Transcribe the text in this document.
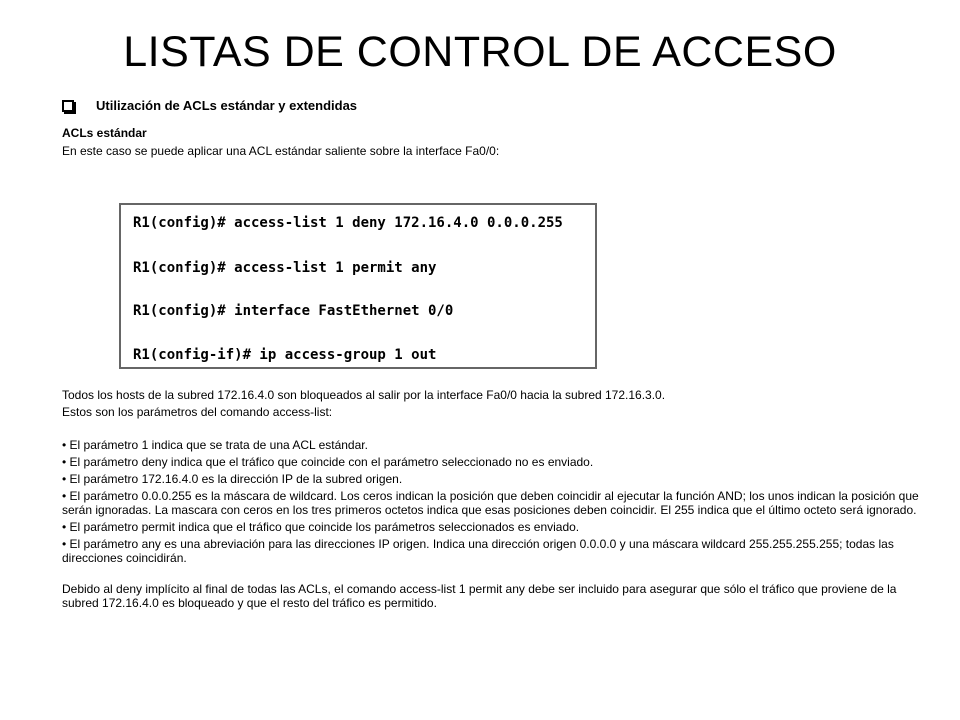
LISTAS DE CONTROL DE ACCESO
Utilización de ACLs estándar y extendidas
ACLs estándar
En este caso se puede aplicar una ACL estándar saliente sobre la interface Fa0/0:
R1(config)# access-list 1 deny 172.16.4.0 0.0.0.255
R1(config)# access-list 1 permit any
R1(config)# interface FastEthernet 0/0
R1(config-if)# ip access-group 1 out

Todos los hosts de la subred 172.16.4.0 son bloqueados al salir por la interface Fa0/0 hacia la subred 172.16.3.0.

Estos son los parámetros del comando access-list:

• El parámetro 1 indica que se trata de una ACL estándar.

• El parámetro deny indica que el tráfico que coincide con el parámetro seleccionado no es enviado.

• El parámetro 172.16.4.0 es la dirección IP de la subred origen.

• El parámetro 0.0.0.255 es la máscara de wildcard. Los ceros indican la posición que deben coincidir al ejecutar la función AND; los unos indican la posición que serán ignoradas. La mascara con ceros en los tres primeros octetos indica que esas posiciones deben coincidir. El 255 indica que el último octeto será ignorado.

• El parámetro permit indica que el tráfico que coincide los parámetros seleccionados es enviado.

• El parámetro any es una abreviación para las direcciones IP origen. Indica una dirección origen 0.0.0.0 y una máscara wildcard 255.255.255.255; todas las direcciones coincidirán.

Debido al deny implícito al final de todas las ACLs, el comando access-list 1 permit any debe ser incluido para asegurar que sólo el tráfico que proviene de la subred 172.16.4.0 es bloqueado y que el resto del tráfico es permitido.
